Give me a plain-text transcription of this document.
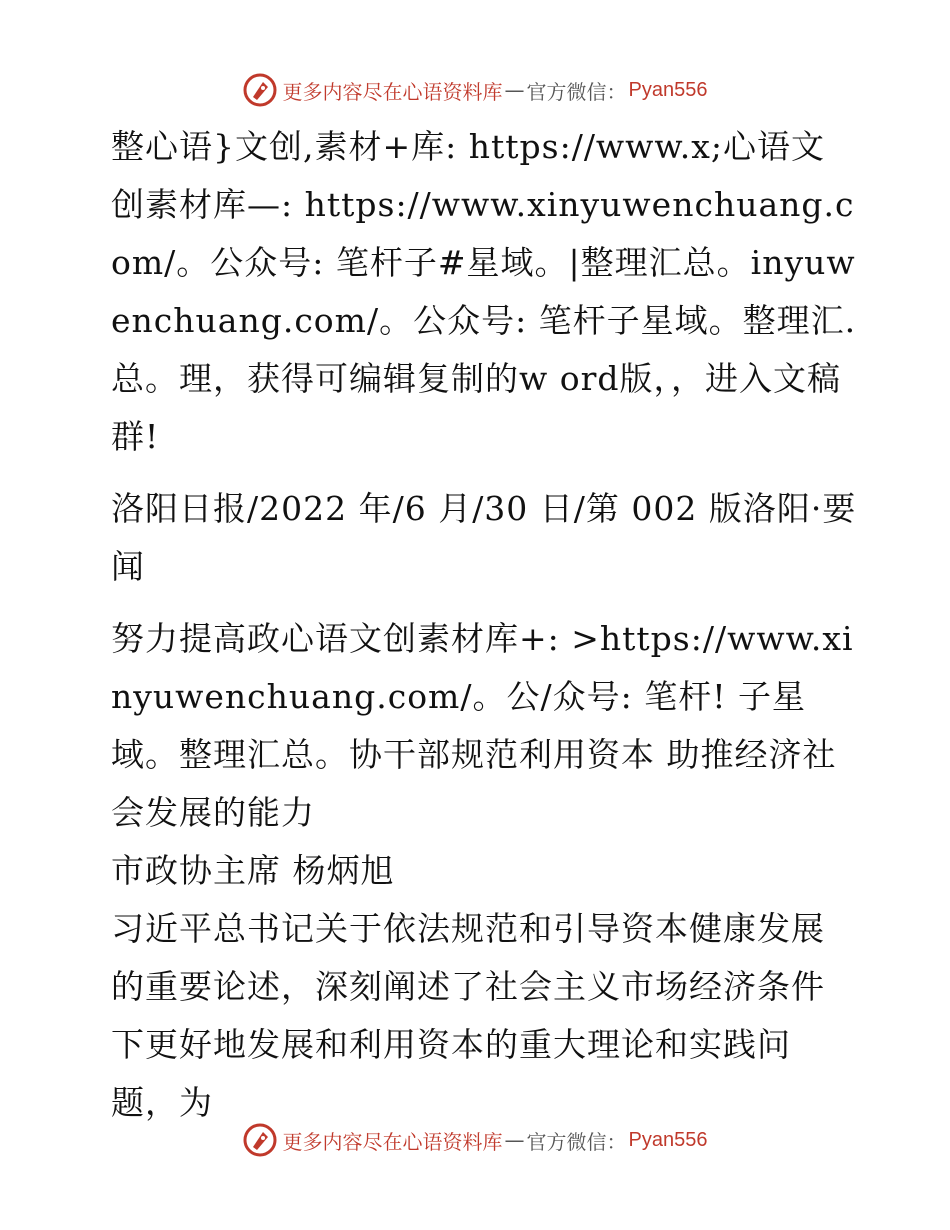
更多内容尽在心语资料库 — 官方微信： Pyan556

整心语}文创,素材+库: https://www.x;心语文创素材库—: https://www.xinyuwenchuang.com/。公众号: 笔杆子#星域。|整理汇总。inyuwenchuang.com/。公众号: 笔杆子星域。整理汇.总。理，获得可编辑复制的w ord版，，进入文稿群!

洛阳日报/2022 年/6 月/30 日/第 002 版洛阳·要闻

努力提高政心语文创素材库+: >https://www.xinyuwenchuang.com/。公/众号: 笔杆! 子星域。整理汇总。协干部规范利用资本 助推经济社会发展的能力

市政协主席 杨炳旭

习近平总书记关于依法规范和引导资本健康发展的重要论述，深刻阐述了社会主义市场经济条件下更好地发展和利用资本的重大理论和实践问题，为

更多内容尽在心语资料库 — 官方微信： Pyan556
